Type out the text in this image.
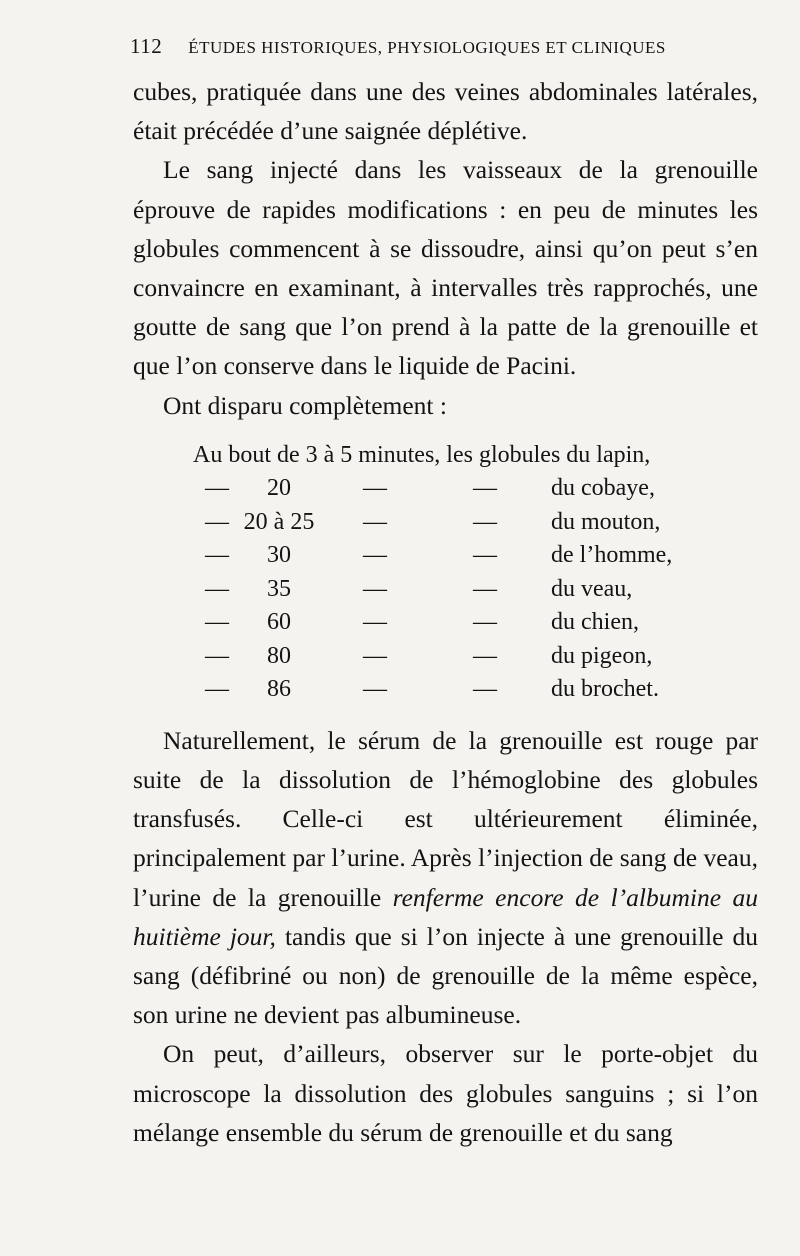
112 ÉTUDES HISTORIQUES, PHYSIOLOGIQUES ET CLINIQUES

cubes, pratiquée dans une des veines abdominales latérales, était précédée d’une saignée déplétive.

Le sang injecté dans les vaisseaux de la grenouille éprouve de rapides modifications : en peu de minutes les globules commencent à se dissoudre, ainsi qu’on peut s’en convaincre en examinant, à intervalles très rapprochés, une goutte de sang que l’on prend à la patte de la grenouille et que l’on conserve dans le liquide de Pacini.

Ont disparu complètement :

Au bout de 3 à 5 minutes, les globules du lapin,
—	20	—	—	du cobaye,
— 20 à 25	—	—	du mouton,
—	30	—	—	de l’homme,
—	35	—	—	du veau,
—	60	—	—	du chien,
—	80	—	—	du pigeon,
—	86	—	—	du brochet.

Naturellement, le sérum de la grenouille est rouge par suite de la dissolution de l’hémoglobine des globules transfusés. Celle-ci est ultérieurement éliminée, principalement par l’urine. Après l’injection de sang de veau, l’urine de la grenouille renferme encore de l’albumine au huitième jour, tandis que si l’on injecte à une grenouille du sang (défibriné ou non) de grenouille de la même espèce, son urine ne devient pas albumineuse.

On peut, d’ailleurs, observer sur le porte-objet du microscope la dissolution des globules sanguins ; si l’on mélange ensemble du sérum de grenouille et du sang
